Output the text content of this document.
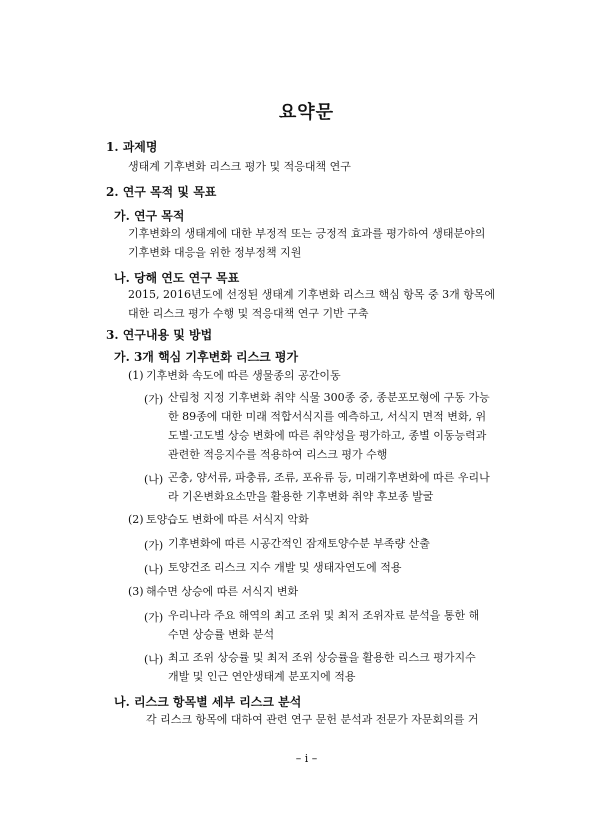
요약문
1. 과제명
생태계 기후변화 리스크 평가 및 적응대책 연구
2. 연구 목적 및 목표
가. 연구 목적
기후변화의 생태계에 대한 부정적 또는 긍정적 효과를 평가하여 생태분야의
기후변화 대응을 위한 정부정책 지원
나. 당해 연도 연구 목표
2015, 2016년도에 선정된 생태계 기후변화 리스크 핵심 항목 중 3개 항목에
대한 리스크 평가 수행 및 적응대책 연구 기반 구축
3. 연구내용 및 방법
가. 3개 핵심 기후변화 리스크 평가
(1) 기후변화 속도에 따른 생물종의 공간이동
(가) 산림청 지정 기후변화 취약 식물 300종 중, 종분포모형에 구동 가능
한 89종에 대한 미래 적합서식지를 예측하고, 서식지 면적 변화, 위
도별·고도별 상승 변화에 따른 취약성을 평가하고, 종별 이동능력과
관련한 적응지수를 적용하여 리스크 평가 수행
(나) 곤충, 양서류, 파충류, 조류, 포유류 등, 미래기후변화에 따른 우리나
라 기온변화요소만을 활용한 기후변화 취약 후보종 발굴
(2) 토양습도 변화에 따른 서식지 악화
(가) 기후변화에 따른 시공간적인 잠재토양수분 부족량 산출
(나) 토양건조 리스크 지수 개발 및 생태자연도에 적용
(3) 해수면 상승에 따른 서식지 변화
(가) 우리나라 주요 해역의 최고 조위 및 최저 조위자료 분석을 통한 해
수면 상승률 변화 분석
(나) 최고 조위 상승률 및 최저 조위 상승률을 활용한 리스크 평가지수
개발 및 인근 연안생태계 분포지에 적용
나. 리스크 항목별 세부 리스크 분석
각 리스크 항목에 대하여 관련 연구 문헌 분석과 전문가 자문회의를 거
– i –
